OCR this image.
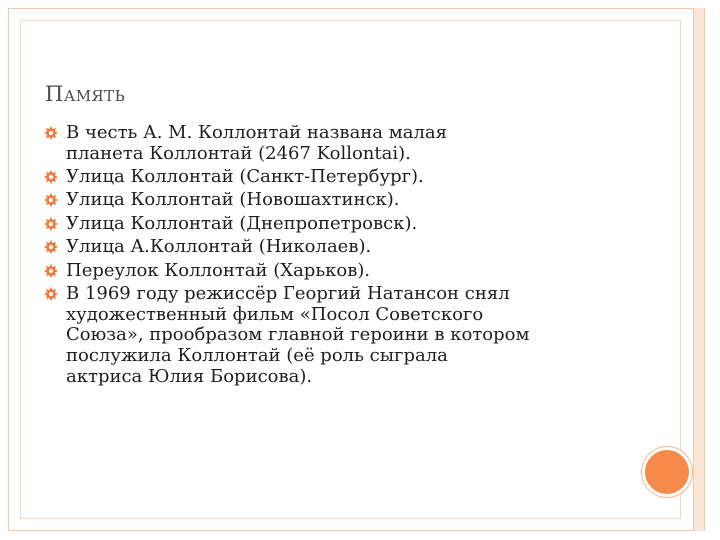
ПАМЯТЬ
В честь А. М. Коллонтай названа малая
планета Коллонтай (2467 Kollontai).
Улица Коллонтай (Санкт-Петербург).
Улица Коллонтай (Новошахтинск).
Улица Коллонтай (Днепропетровск).
Улица А.Коллонтай (Николаев).
Переулок Коллонтай (Харьков).
В 1969 году режиссёр Георгий Натансон снял
художественный фильм «Посол Советского
Союза», прообразом главной героини в котором
послужила Коллонтай (её роль сыграла
актриса Юлия Борисова).
